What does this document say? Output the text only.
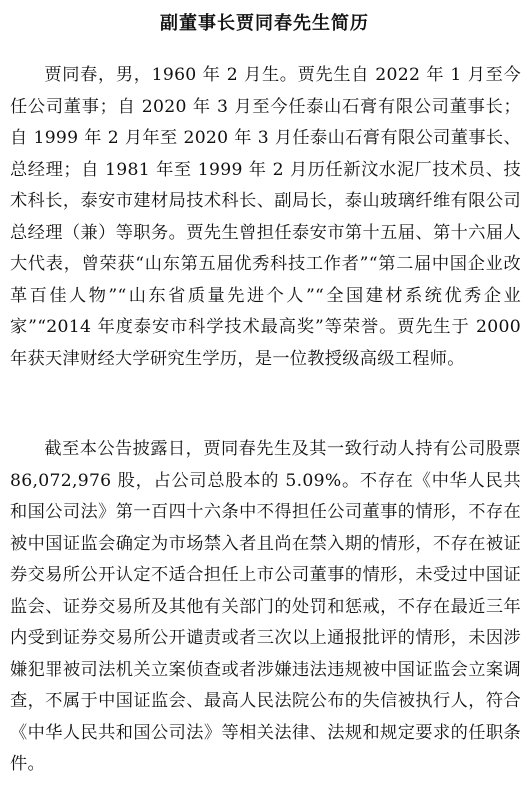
副董事长贾同春先生简历

贾同春，男，1960 年 2 月生。贾先生自 2022 年 1 月至今任公司董事；自 2020 年 3 月至今任泰山石膏有限公司董事长；自 1999 年 2 月年至 2020 年 3 月任泰山石膏有限公司董事长、总经理；自 1981 年至 1999 年 2 月历任新汶水泥厂技术员、技术科长，泰安市建材局技术科长、副局长，泰山玻璃纤维有限公司总经理（兼）等职务。贾先生曾担任泰安市第十五届、第十六届人大代表，曾荣获“山东第五届优秀科技工作者”“第二届中国企业改革百佳人物”“山东省质量先进个人”“全国建材系统优秀企业家”“2014 年度泰安市科学技术最高奖”等荣誉。贾先生于 2000 年获天津财经大学研究生学历，是一位教授级高级工程师。

截至本公告披露日，贾同春先生及其一致行动人持有公司股票 86,072,976 股，占公司总股本的 5.09%。不存在《中华人民共和国公司法》第一百四十六条中不得担任公司董事的情形，不存在被中国证监会确定为市场禁入者且尚在禁入期的情形，不存在被证券交易所公开认定不适合担任上市公司董事的情形，未受过中国证监会、证券交易所及其他有关部门的处罚和惩戒，不存在最近三年内受到证券交易所公开谴责或者三次以上通报批评的情形，未因涉嫌犯罪被司法机关立案侦查或者涉嫌违法违规被中国证监会立案调查，不属于中国证监会、最高人民法院公布的失信被执行人，符合《中华人民共和国公司法》等相关法律、法规和规定要求的任职条件。
